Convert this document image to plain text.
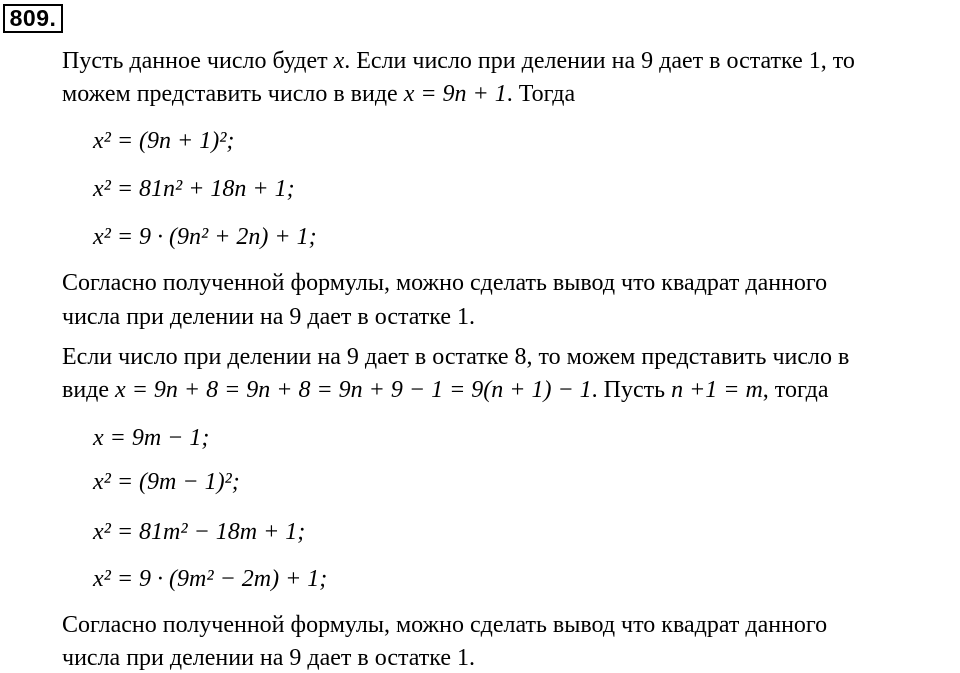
809.
Пусть данное число будет x. Если число при делении на 9 дает в остатке 1, то
можем представить число в виде x = 9n + 1. Тогда
x² = (9n + 1)²;
x² = 81n² + 18n + 1;
x² = 9 · (9n² + 2n) + 1;
Согласно полученной формулы, можно сделать вывод что квадрат данного
числа при делении на 9 дает в остатке 1.
Если число при делении на 9 дает в остатке 8, то можем представить число в
виде x = 9n + 8 = 9n + 8 = 9n + 9 − 1 = 9(n + 1) − 1. Пусть n +1 = m, тогда
x = 9m − 1;
x² = (9m − 1)²;
x² = 81m² − 18m + 1;
x² = 9 · (9m² − 2m) + 1;
Согласно полученной формулы, можно сделать вывод что квадрат данного
числа при делении на 9 дает в остатке 1.
